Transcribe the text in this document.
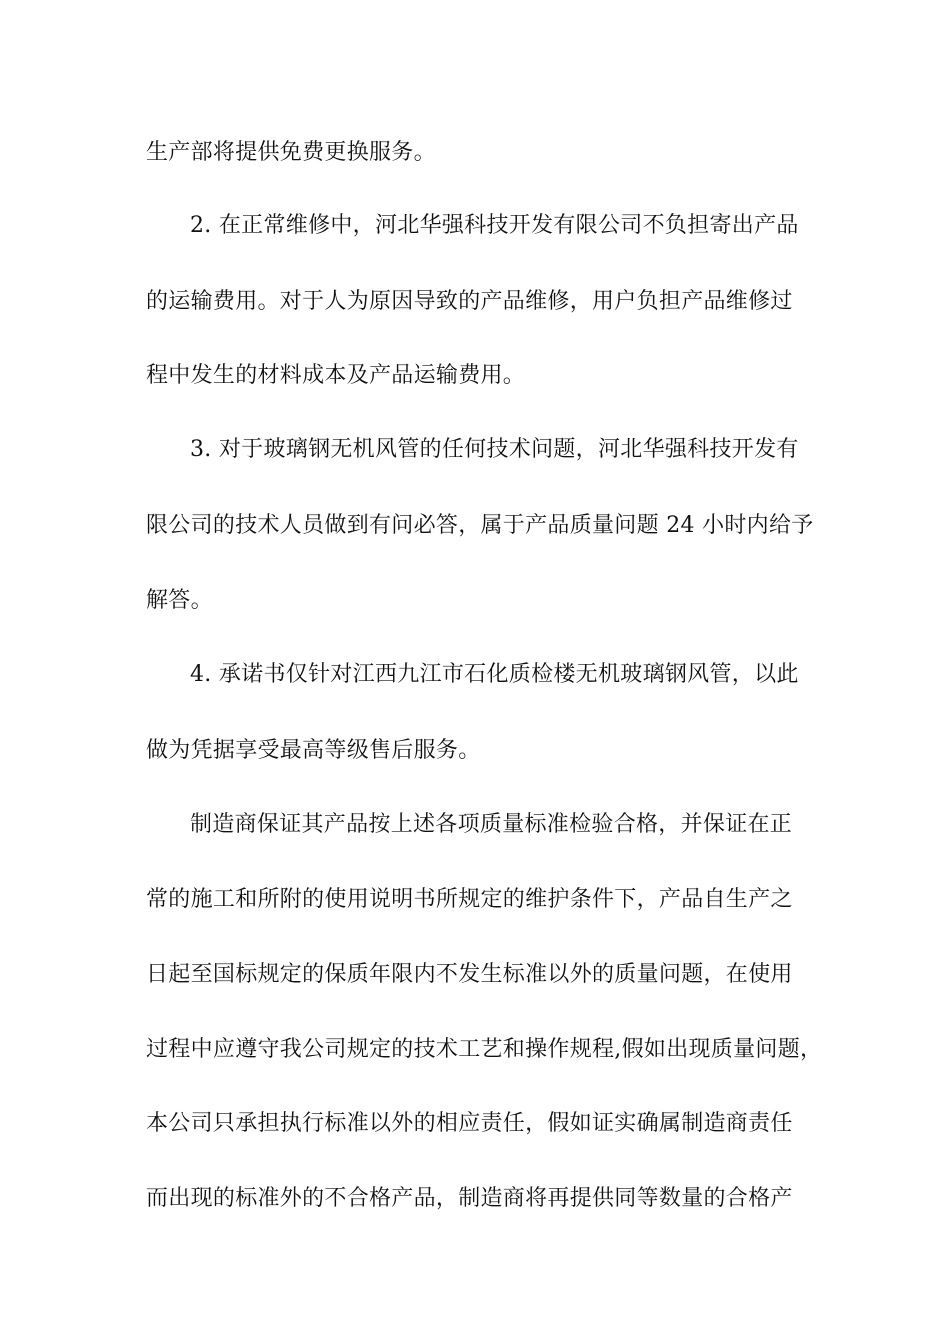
生产部将提供免费更换服务。
2. 在正常维修中，河北华强科技开发有限公司不负担寄出产品
的运输费用。对于人为原因导致的产品维修，用户负担产品维修过
程中发生的材料成本及产品运输费用。
3. 对于玻璃钢无机风管的任何技术问题，河北华强科技开发有
限公司的技术人员做到有问必答，属于产品质量问题 24 小时内给予
解答。
4. 承诺书仅针对江西九江市石化质检楼无机玻璃钢风管，以此
做为凭据享受最高等级售后服务。
制造商保证其产品按上述各项质量标准检验合格，并保证在正
常的施工和所附的使用说明书所规定的维护条件下，产品自生产之
日起至国标规定的保质年限内不发生标准以外的质量问题，在使用
过程中应遵守我公司规定的技术工艺和操作规程,假如出现质量问题，
本公司只承担执行标准以外的相应责任，假如证实确属制造商责任
而出现的标准外的不合格产品，制造商将再提供同等数量的合格产
